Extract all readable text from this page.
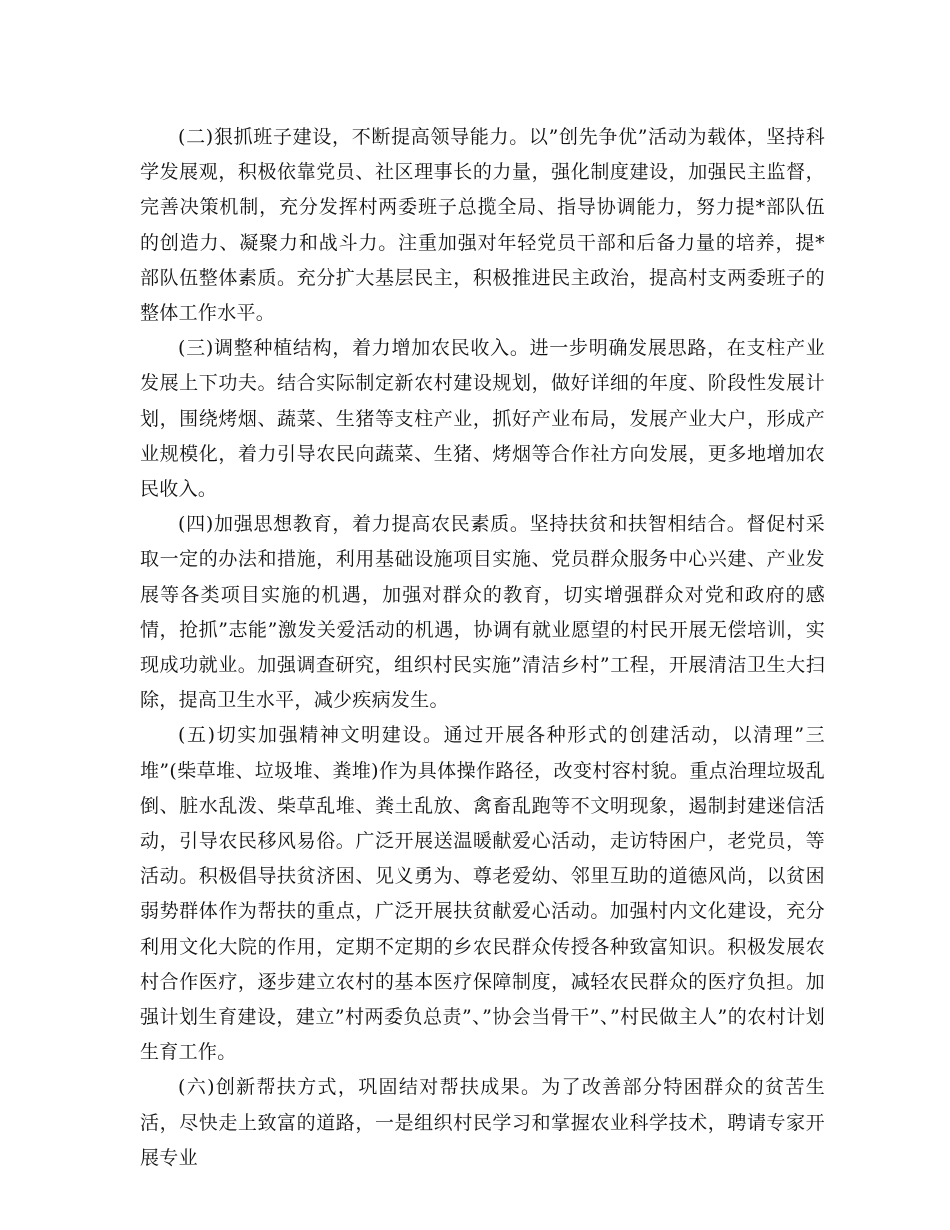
(二)狠抓班子建设，不断提高领导能力。以”创先争优”活动为载体，坚持科学发展观，积极依靠党员、社区理事长的力量，强化制度建设，加强民主监督，完善决策机制，充分发挥村两委班子总揽全局、指导协调能力，努力提*部队伍的创造力、凝聚力和战斗力。注重加强对年轻党员干部和后备力量的培养，提*部队伍整体素质。充分扩大基层民主，积极推进民主政治，提高村支两委班子的整体工作水平。

(三)调整种植结构，着力增加农民收入。进一步明确发展思路，在支柱产业发展上下功夫。结合实际制定新农村建设规划，做好详细的年度、阶段性发展计划，围绕烤烟、蔬菜、生猪等支柱产业，抓好产业布局，发展产业大户，形成产业规模化，着力引导农民向蔬菜、生猪、烤烟等合作社方向发展，更多地增加农民收入。

(四)加强思想教育，着力提高农民素质。坚持扶贫和扶智相结合。督促村采取一定的办法和措施，利用基础设施项目实施、党员群众服务中心兴建、产业发展等各类项目实施的机遇，加强对群众的教育，切实增强群众对党和政府的感情，抢抓”志能”激发关爱活动的机遇，协调有就业愿望的村民开展无偿培训，实现成功就业。加强调查研究，组织村民实施”清洁乡村”工程，开展清洁卫生大扫除，提高卫生水平，减少疾病发生。

(五)切实加强精神文明建设。通过开展各种形式的创建活动，以清理”三堆”(柴草堆、垃圾堆、粪堆)作为具体操作路径，改变村容村貌。重点治理垃圾乱倒、脏水乱泼、柴草乱堆、粪土乱放、禽畜乱跑等不文明现象，遏制封建迷信活动，引导农民移风易俗。广泛开展送温暖献爱心活动，走访特困户，老党员，等活动。积极倡导扶贫济困、见义勇为、尊老爱幼、邻里互助的道德风尚，以贫困弱势群体作为帮扶的重点，广泛开展扶贫献爱心活动。加强村内文化建设，充分利用文化大院的作用，定期不定期的乡农民群众传授各种致富知识。积极发展农村合作医疗，逐步建立农村的基本医疗保障制度，减轻农民群众的医疗负担。加强计划生育建设，建立”村两委负总责”、”协会当骨干”、”村民做主人”的农村计划生育工作。

(六)创新帮扶方式，巩固结对帮扶成果。为了改善部分特困群众的贫苦生活，尽快走上致富的道路，一是组织村民学习和掌握农业科学技术，聘请专家开展专业
